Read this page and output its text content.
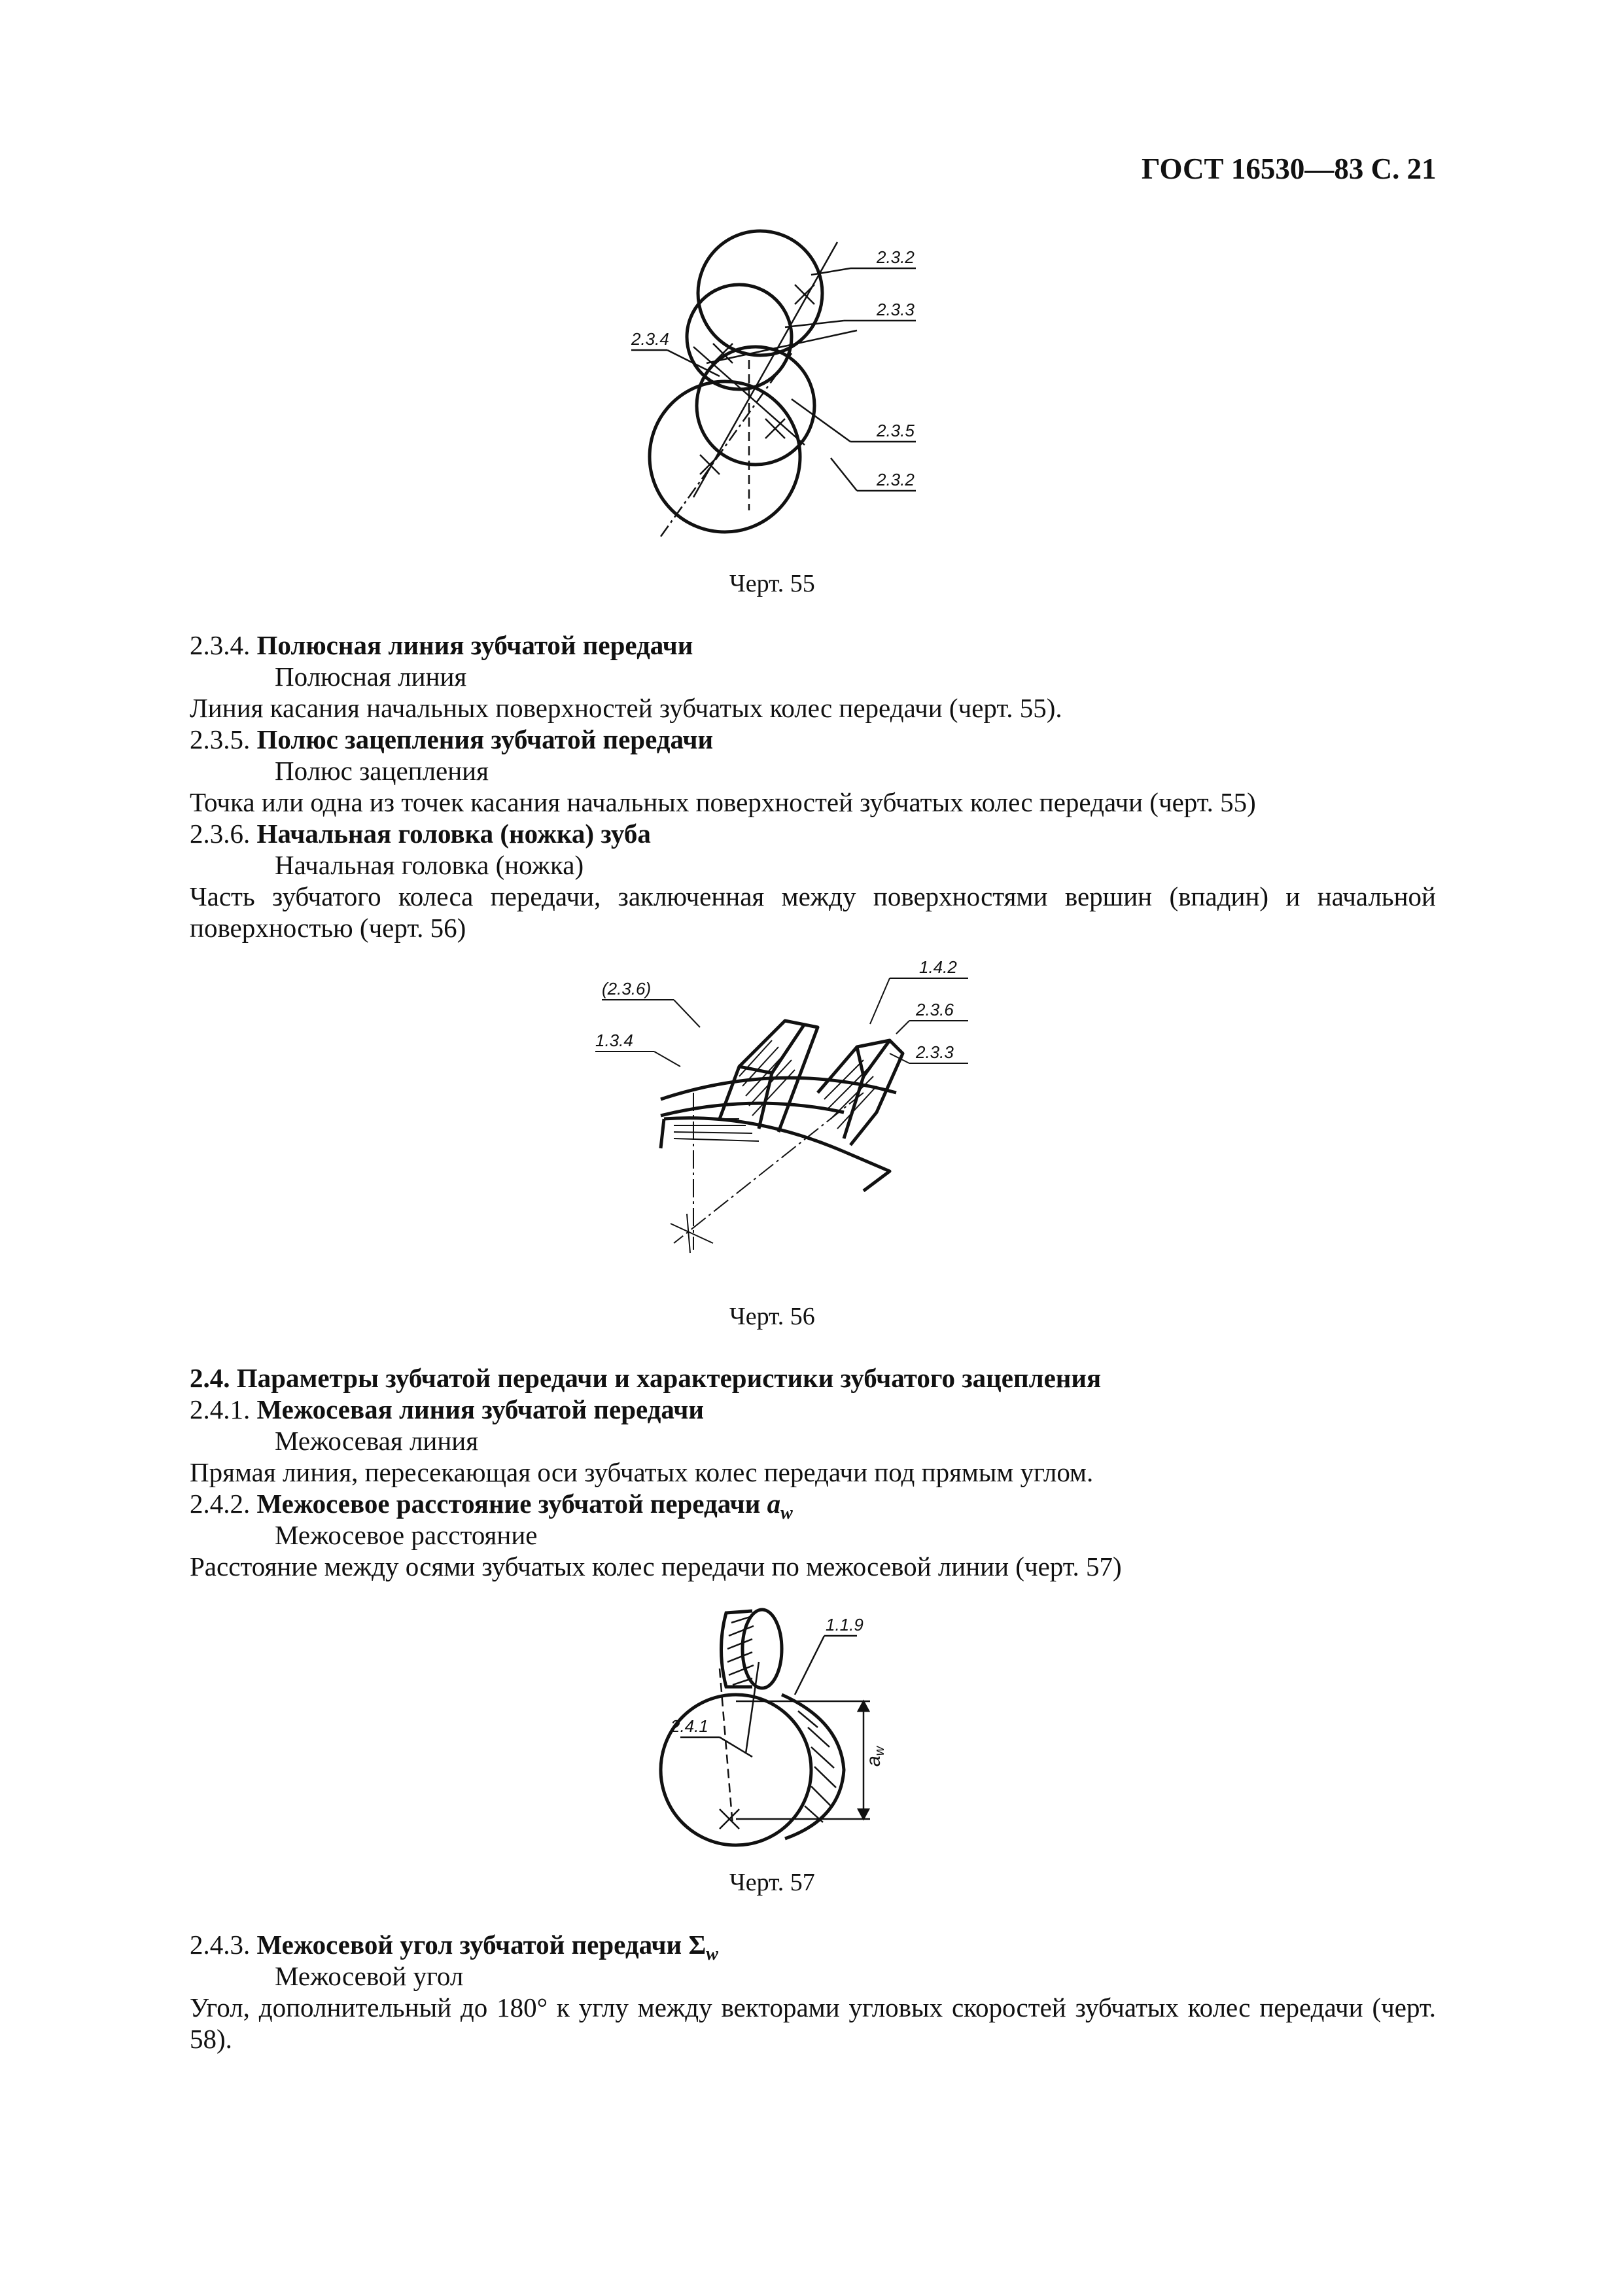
ГОСТ 16530—83 С. 21
2.3.2
2.3.3
2.3.4
2.3.5
2.3.2
Черт. 55
2.3.4. Полюсная линия зубчатой передачи
Полюсная линия
Линия касания начальных поверхностей зубчатых колес передачи (черт. 55).
2.3.5. Полюс зацепления зубчатой передачи
Полюс зацепления
Точка или одна из точек касания начальных поверхностей зубчатых колес передачи (черт. 55)
2.3.6. Начальная головка (ножка) зуба
Начальная головка (ножка)
Часть зубчатого колеса передачи, заключенная между поверхностями вершин (впадин) и начальной поверхностью (черт. 56)
(2.3.6)
1.3.4
1.4.2
2.3.6
2.3.3
Черт. 56
2.4. Параметры зубчатой передачи и характеристики зубчатого зацепления
2.4.1. Межосевая линия зубчатой передачи
Межосевая линия
Прямая линия, пересекающая оси зубчатых колес передачи под прямым углом.
2.4.2. Межосевое расстояние зубчатой передачи $a_w$
Межосевое расстояние
Расстояние между осями зубчатых колес передачи по межосевой линии (черт. 57)
2.4.1
1.1.9
$a_w$
Черт. 57
2.4.3. Межосевой угол зубчатой передачи $\Sigma_w$
Межосевой угол
Угол, дополнительный до 180° к углу между векторами угловых скоростей зубчатых колес передачи (черт. 58).
